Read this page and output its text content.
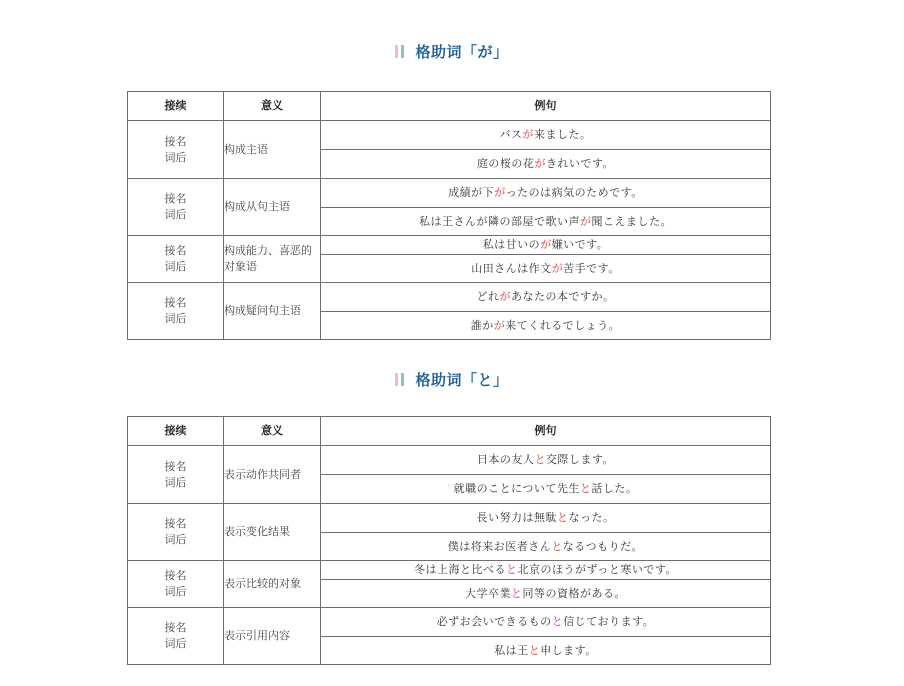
格助词「が」
接续	意义	例句
接名
词后	构成主语	バスが来ました。
		庭の桜の花がきれいです。
接名
词后	构成从句主语	成績が下がったのは病気のためです。
		私は王さんが隣の部屋で歌い声が聞こえました。
接名
词后	构成能力、喜恶的对象语	私は甘いのが嫌いです。
		山田さんは作文が苦手です。
接名
词后	构成疑问句主语	どれがあなたの本ですか。
		誰かが来てくれるでしょう。
格助词「と」
接续	意义	例句
接名
词后	表示动作共同者	日本の友人と交際します。
		就職のことについて先生と話した。
接名
词后	表示变化结果	長い努力は無駄となった。
		僕は将来お医者さんとなるつもりだ。
接名
词后	表示比较的对象	冬は上海と比べると北京のほうがずっと寒いです。
		大学卒業と同等の資格がある。
接名
词后	表示引用内容	必ずお会いできるものと信じております。
		私は王と申します。
